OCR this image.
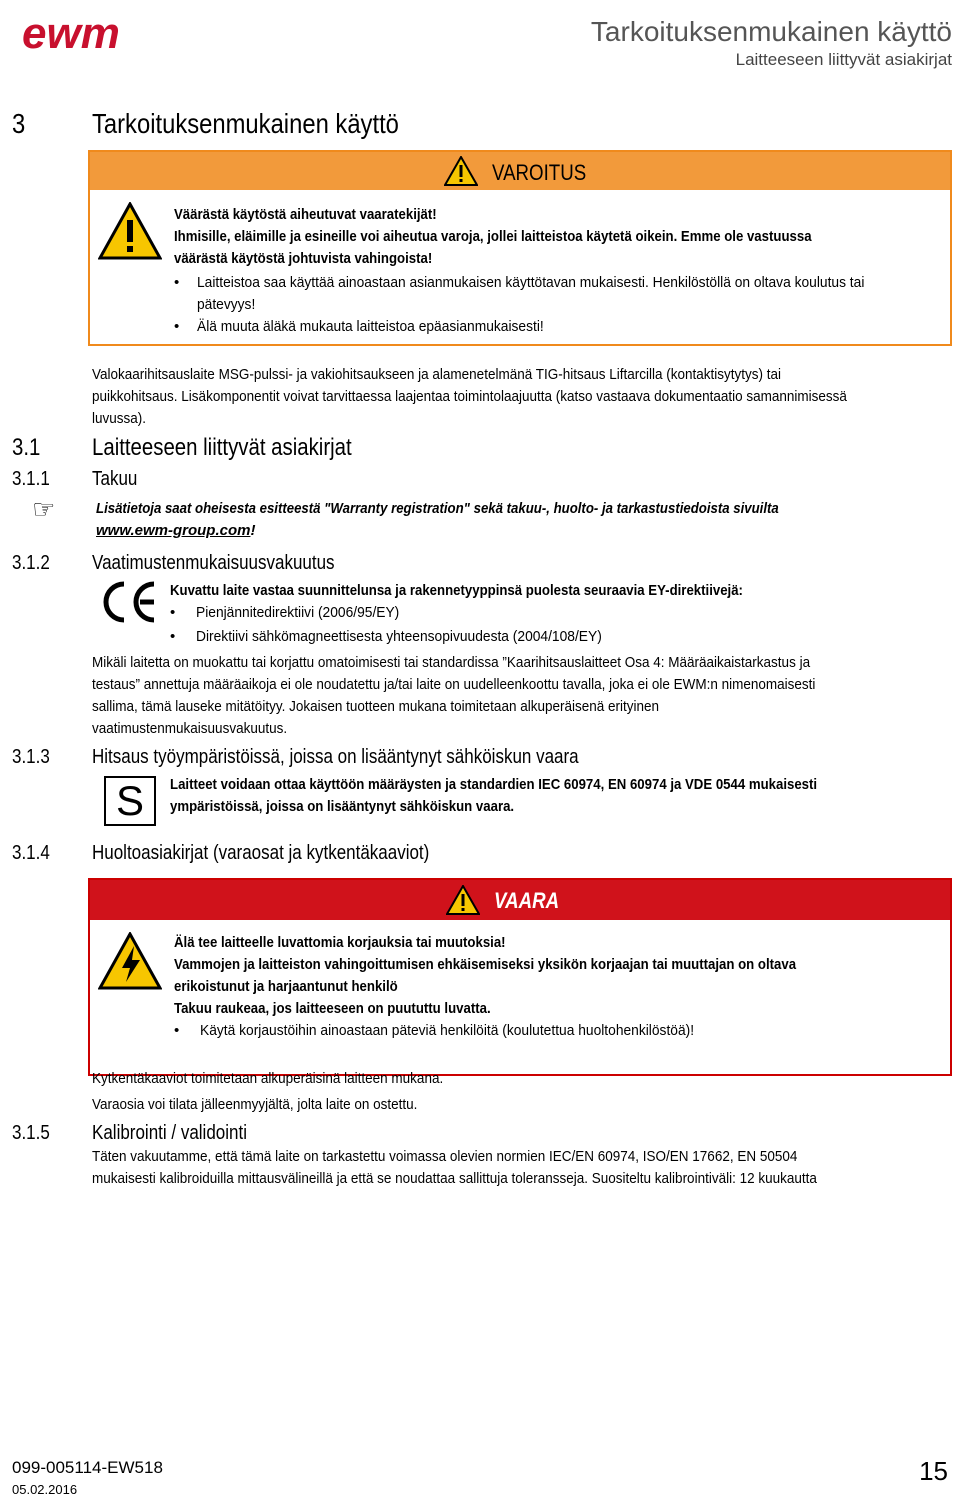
ewm	Tarkoituksenmukainen käyttö
Laitteeseen liittyvät asiakirjat
3 Tarkoituksenmukainen käyttö
VAROITUS

Väärästä käytöstä aiheutuvat vaaratekijät!

Ihmisille, eläimille ja esineille voi aiheutua varoja, jollei laitteistoa käytetä oikein. Emme ole vastuussa

väärästä käytöstä johtuvista vahingoista!

• Laitteistoa saa käyttää ainoastaan asianmukaisen käyttötavan mukaisesti. Henkilöstöllä on oltava koulutus tai

pätevyys!

• Älä muuta äläkä mukauta laitteistoa epäasianmukaisesti!

Valokaarihitsauslaite MSG-pulssi- ja vakiohitsaukseen ja alamenetelmänä TIG-hitsaus Liftarcilla (kontaktisytytys) tai

puikkohitsaus. Lisäkomponentit voivat tarvittaessa laajentaa toimintolaajuutta (katso vastaava dokumentaatio samannimisessä

luvussa).

3.1 Laitteeseen liittyvät asiakirjat
3.1.1	Takuu
☞	Lisätietoja saat oheisesta esitteestä "Warranty registration" sekä takuu-, huolto- ja tarkastustiedoista sivuilta

www.ewm-group.com!

3.1.2	Vaatimustenmukaisuusvakuutus

Kuvattu laite vastaa suunnittelunsa ja rakennetyyppinsä puolesta seuraavia EY-direktiivejä:

• Pienjännitedirektiivi (2006/95/EY)

• Direktiivi sähkömagneettisesta yhteensopivuudesta (2004/108/EY)

Mikäli laitetta on muokattu tai korjattu omatoimisesti tai standardissa ”Kaarihitsauslaitteet Osa 4: Määräaikaistarkastus ja

testaus” annettuja määräaikoja ei ole noudatettu ja/tai laite on uudelleenkoottu tavalla, joka ei ole EWM:n nimenomaisesti

sallima, tämä lauseke mitätöityy. Jokaisen tuotteen mukana toimitetaan alkuperäisenä erityinen

vaatimustenmukaisuusvakuutus.

3.1.3	Hitsaus työympäristöissä, joissa on lisääntynyt sähköiskun vaara
S	Laitteet voidaan ottaa käyttöön määräysten ja standardien IEC 60974, EN 60974 ja VDE 0544 mukaisesti

ympäristöissä, joissa on lisääntynyt sähköiskun vaara.

3.1.4	Huoltoasiakirjat (varaosat ja kytkentäkaaviot)
VAARA

Älä tee laitteelle luvattomia korjauksia tai muutoksia!

Vammojen ja laitteiston vahingoittumisen ehkäisemiseksi yksikön korjaajan tai muuttajan on oltava

erikoistunut ja harjaantunut henkilö

Takuu raukeaa, jos laitteeseen on puututtu luvatta.

• Käytä korjaustöihin ainoastaan päteviä henkilöitä (koulutettua huoltohenkilöstöä)!

Kytkentäkaaviot toimitetaan alkuperäisinä laitteen mukana.

Varaosia voi tilata jälleenmyyjältä, jolta laite on ostettu.

3.1.5	Kalibrointi / validointi

Täten vakuutamme, että tämä laite on tarkastettu voimassa olevien normien IEC/EN 60974, ISO/EN 17662, EN 50504

mukaisesti kalibroiduilla mittausvälineillä ja että se noudattaa sallittuja toleransseja. Suositeltu kalibrointiväli: 12 kuukautta

099-005114-EW518
05.02.2016
15
